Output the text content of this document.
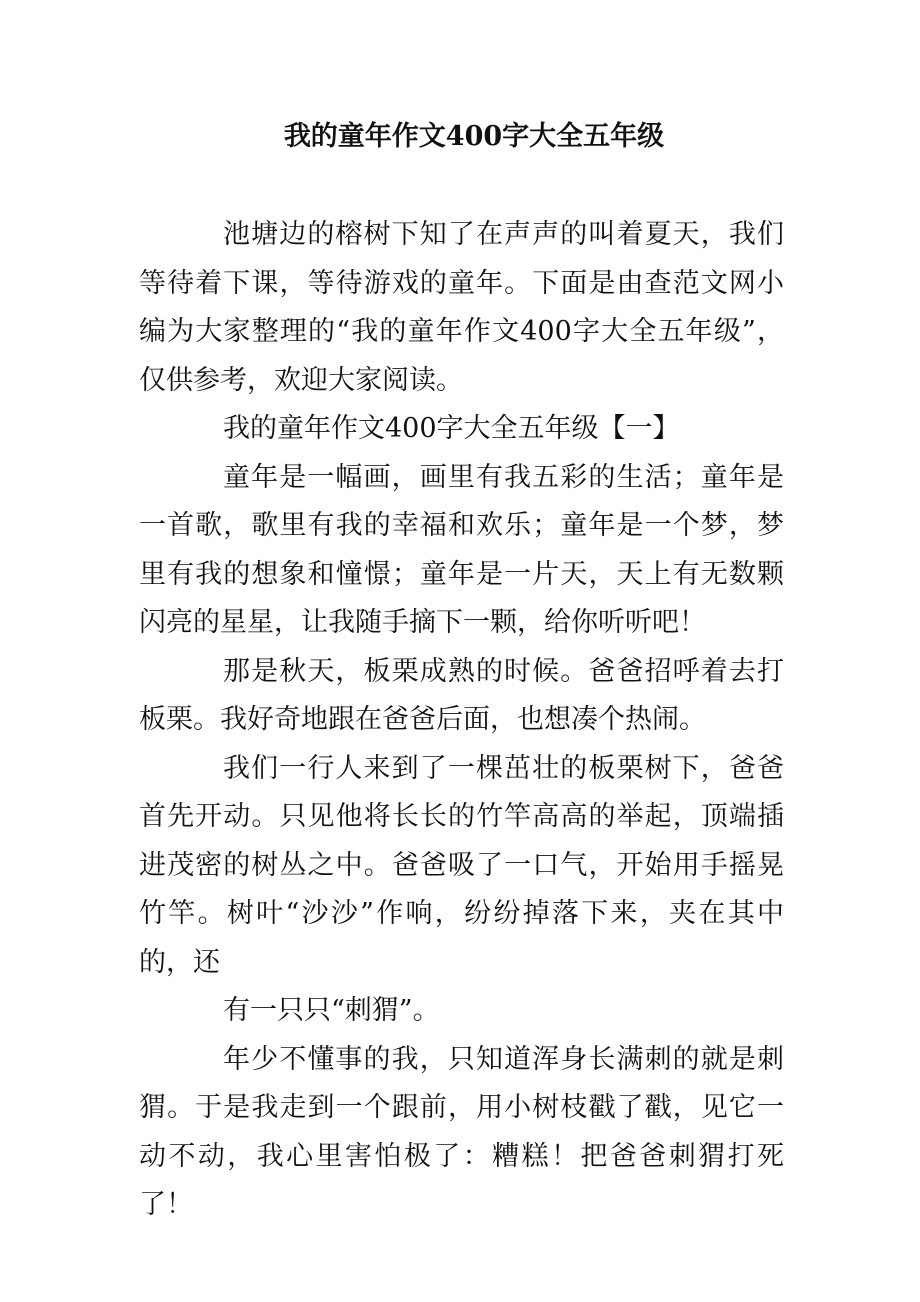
我的童年作文400字大全五年级

池塘边的榕树下知了在声声的叫着夏天，我们等待着下课，等待游戏的童年。下面是由查范文网小编为大家整理的“我的童年作文400字大全五年级”，仅供参考，欢迎大家阅读。

我的童年作文400字大全五年级【一】

童年是一幅画，画里有我五彩的生活；童年是一首歌，歌里有我的幸福和欢乐；童年是一个梦，梦里有我的想象和憧憬；童年是一片天，天上有无数颗闪亮的星星，让我随手摘下一颗，给你听听吧！

那是秋天，板栗成熟的时候。爸爸招呼着去打板栗。我好奇地跟在爸爸后面，也想凑个热闹。

我们一行人来到了一棵茁壮的板栗树下，爸爸首先开动。只见他将长长的竹竿高高的举起，顶端插进茂密的树丛之中。爸爸吸了一口气，开始用手摇晃竹竿。树叶“沙沙”作响，纷纷掉落下来，夹在其中的，还

有一只只“刺猬”。

年少不懂事的我，只知道浑身长满刺的就是刺猬。于是我走到一个跟前，用小树枝戳了戳，见它一动不动，我心里害怕极了：糟糕！把爸爸刺猬打死了！
